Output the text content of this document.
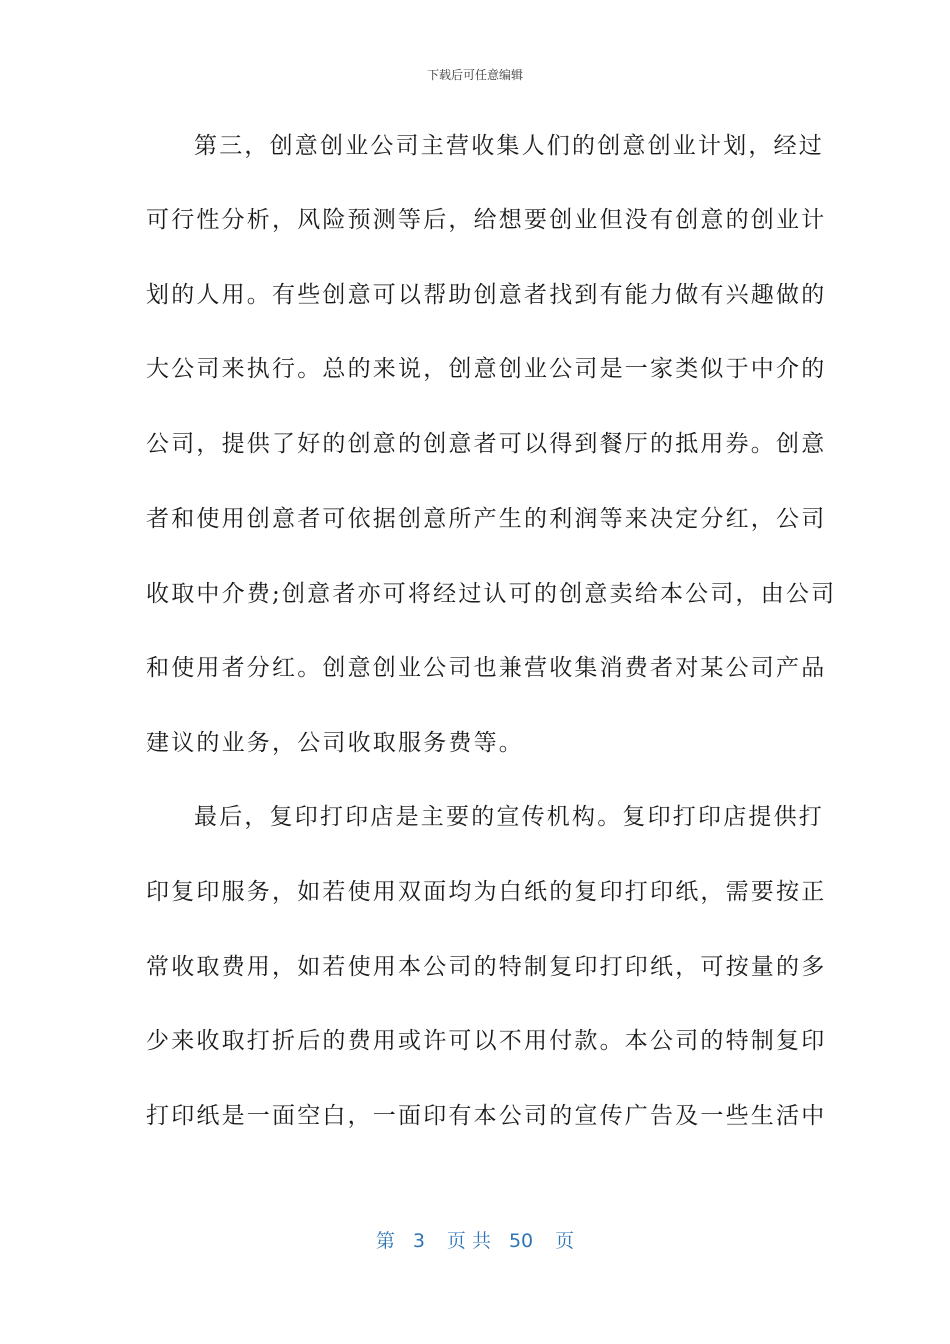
下载后可任意编辑
第三，创意创业公司主营收集人们的创意创业计划，经过
可行性分析，风险预测等后，给想要创业但没有创意的创业计
划的人用。有些创意可以帮助创意者找到有能力做有兴趣做的
大公司来执行。总的来说，创意创业公司是一家类似于中介的
公司，提供了好的创意的创意者可以得到餐厅的抵用券。创意
者和使用创意者可依据创意所产生的利润等来决定分红，公司
收取中介费;创意者亦可将经过认可的创意卖给本公司，由公司
和使用者分红。创意创业公司也兼营收集消费者对某公司产品
建议的业务，公司收取服务费等。
最后，复印打印店是主要的宣传机构。复印打印店提供打
印复印服务，如若使用双面均为白纸的复印打印纸，需要按正
常收取费用，如若使用本公司的特制复印打印纸，可按量的多
少来收取打折后的费用或许可以不用付款。本公司的特制复印
打印纸是一面空白，一面印有本公司的宣传广告及一些生活中
第 3 页 共 50 页
